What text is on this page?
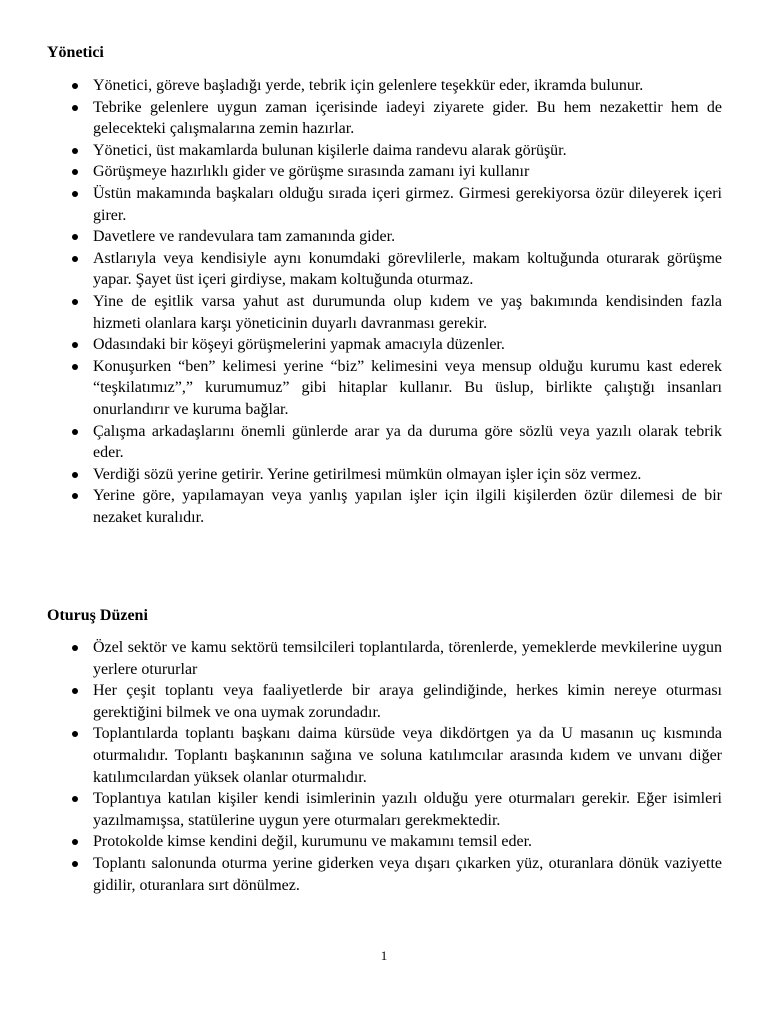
Yönetici
Yönetici, göreve başladığı yerde, tebrik için gelenlere teşekkür eder, ikramda bulunur.
Tebrike gelenlere uygun zaman içerisinde iadeyi ziyarete gider. Bu hem nezakettir hem de gelecekteki çalışmalarına zemin hazırlar.
Yönetici, üst makamlarda bulunan kişilerle daima randevu alarak görüşür.
Görüşmeye hazırlıklı gider ve görüşme sırasında zamanı iyi kullanır
Üstün makamında başkaları olduğu sırada içeri girmez. Girmesi gerekiyorsa özür dileyerek içeri girer.
Davetlere ve randevulara tam zamanında gider.
Astlarıyla veya kendisiyle aynı konumdaki görevlilerle, makam koltuğunda oturarak görüşme yapar. Şayet üst içeri girdiyse, makam koltuğunda oturmaz.
Yine de eşitlik varsa yahut ast durumunda olup kıdem ve yaş bakımında kendisinden fazla hizmeti olanlara karşı yöneticinin duyarlı davranması gerekir.
Odasındaki bir köşeyi görüşmelerini yapmak amacıyla düzenler.
Konuşurken “ben” kelimesi yerine “biz” kelimesini veya mensup olduğu kurumu kast ederek “teşkilatımız”,” kurumumuz” gibi hitaplar kullanır. Bu üslup, birlikte çalıştığı insanları onurlandırır ve kuruma bağlar.
Çalışma arkadaşlarını önemli günlerde arar ya da duruma göre sözlü veya yazılı olarak tebrik eder.
Verdiği sözü yerine getirir. Yerine getirilmesi mümkün olmayan işler için söz vermez.
Yerine göre, yapılamayan veya yanlış yapılan işler için ilgili kişilerden özür dilemesi de bir nezaket kuralıdır.
Oturuş Düzeni
Özel sektör ve kamu sektörü temsilcileri toplantılarda, törenlerde, yemeklerde mevkilerine uygun yerlere otururlar
Her çeşit toplantı veya faaliyetlerde bir araya gelindiğinde, herkes kimin nereye oturması gerektiğini bilmek ve ona uymak zorundadır.
Toplantılarda toplantı başkanı daima kürsüde veya dikdörtgen ya da U masanın uç kısmında oturmalıdır. Toplantı başkanının sağına ve soluna katılımcılar arasında kıdem ve unvanı diğer katılımcılardan yüksek olanlar oturmalıdır.
Toplantıya katılan kişiler kendi isimlerinin yazılı olduğu yere oturmaları gerekir. Eğer isimleri yazılmamışsa, statülerine uygun yere oturmaları gerekmektedir.
Protokolde kimse kendini değil, kurumunu ve makamını temsil eder.
Toplantı salonunda oturma yerine giderken veya dışarı çıkarken yüz, oturanlara dönük vaziyette gidilir, oturanlara sırt dönülmez.
1
